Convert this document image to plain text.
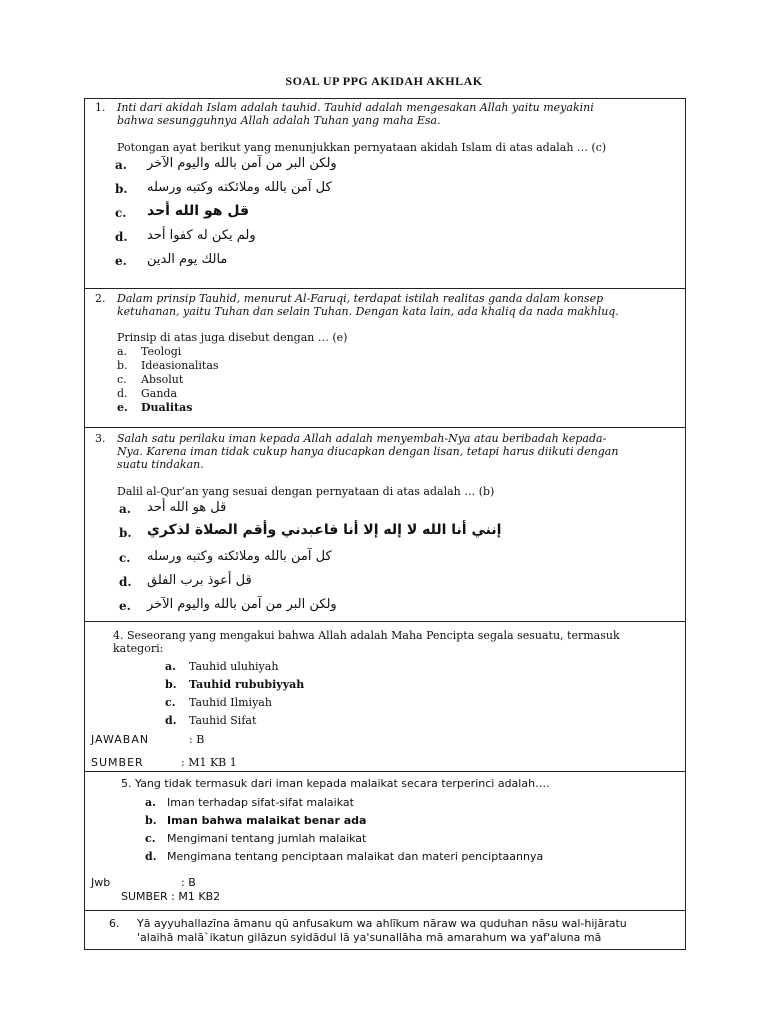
SOAL UP PPG AKIDAH AKHLAK
1. Inti dari akidah Islam adalah tauhid. Tauhid adalah mengesakan Allah yaitu meyakini
bahwa sesungguhnya Allah adalah Tuhan yang maha Esa.
Potongan ayat berikut yang menunjukkan pernyataan akidah Islam di atas adalah … (c)
a. ولكن البر من آمن بالله واليوم الآخر
b. كل آمن بالله وملائكته وكتبه ورسله
c. قل هو الله أحد
d. ولم يكن له كفوا أحد
e. مالك يوم الدين
2. Dalam prinsip Tauhid, menurut Al-Faruqi, terdapat istilah realitas ganda dalam konsep
ketuhanan, yaitu Tuhan dan selain Tuhan. Dengan kata lain, ada khaliq da nada makhluq.
Prinsip di atas juga disebut dengan … (e)
a. Teologi
b. Ideasionalitas
c. Absolut
d. Ganda
e. Dualitas
3. Salah satu perilaku iman kepada Allah adalah menyembah-Nya atau beribadah kepada-
Nya. Karena iman tidak cukup hanya diucapkan dengan lisan, tetapi harus diikuti dengan
suatu tindakan.
Dalil al-Qur’an yang sesuai dengan pernyataan di atas adalah … (b)
a. قل هو الله أحد
b. إنني أنا الله لا إله إلا أنا فاعبدني وأقم الصلاة لذكري
c. كل آمن بالله وملائكته وكتبه ورسله
d. قل أعوذ برب الفلق
e. ولكن البر من آمن بالله واليوم الآخر
4. Seseorang yang mengakui bahwa Allah adalah Maha Pencipta segala sesuatu, termasuk
kategori:
a. Tauhid uluhiyah
b. Tauhid rububiyyah
c. Tauhid Ilmiyah
d. Tauhid Sifat
JAWABAN	: B
SUMBER	: M1 KB 1
5. Yang tidak termasuk dari iman kepada malaikat secara terperinci adalah….
a. Iman terhadap sifat-sifat malaikat
b. Iman bahwa malaikat benar ada
c. Mengimani tentang jumlah malaikat
d. Mengimana tentang penciptaan malaikat dan materi penciptaannya
Jwb	: B
SUMBER : M1 KB2
6. Yā ayyuhallazīna āmanu qū anfusakum wa ahlīkum nāraw wa quduhan nāsu wal-hijāratu
'alaihā malā`ikatun gilāzun syidādul lā ya'sunallāha mā amarahum wa yaf'aluna mā
